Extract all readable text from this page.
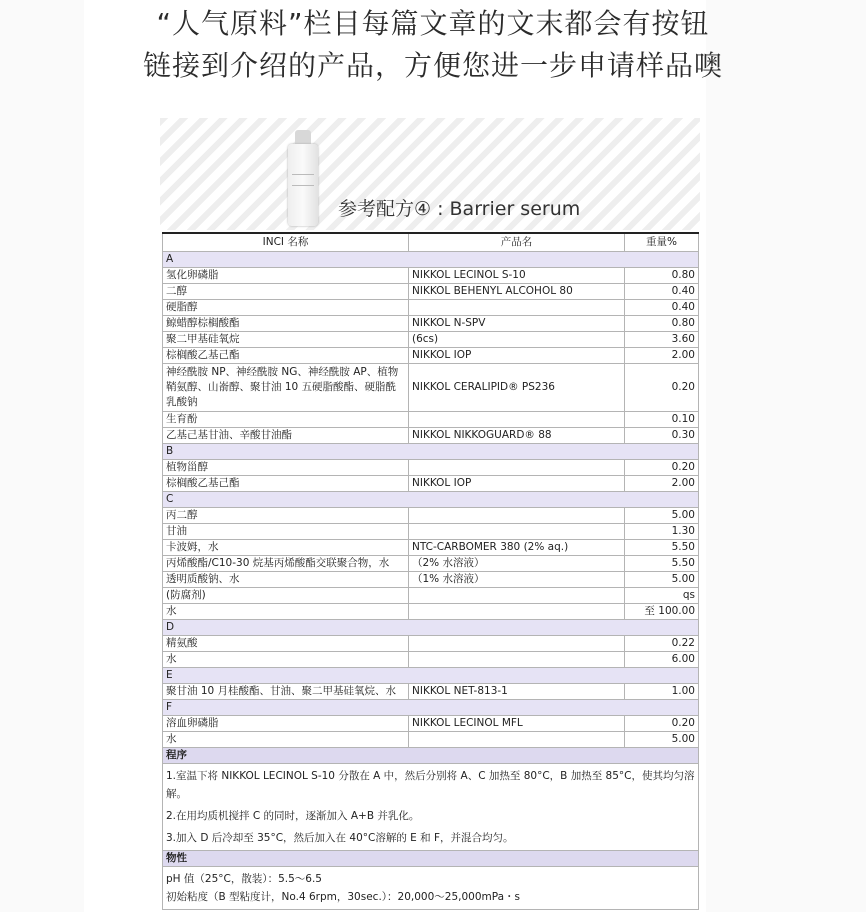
“人气原料”栏目每篇文章的文末都会有按钮
链接到介绍的产品，方便您进一步申请样品噢
参考配方④ : Barrier serum
INCI 名称	产品名	重量%
A		
氢化卵磷脂	NIKKOL LECINOL S-10	0.80
二醇	NIKKOL BEHENYL ALCOHOL 80	0.40
硬脂醇		0.40
鲸蜡醇棕榈酸酯	NIKKOL N-SPV	0.80
聚二甲基硅氧烷	(6cs)	3.60
棕榈酸乙基己酯	NIKKOL IOP	2.00
神经酰胺 NP、神经酰胺 NG、神经酰胺 AP、植物鞘氨醇、山嵛醇、聚甘油 10 五硬脂酸酯、硬脂酰乳酸钠	NIKKOL CERALIPID® PS236	0.20
生育酚		0.10
乙基己基甘油、辛酸甘油酯	NIKKOL NIKKOGUARD® 88	0.30
B		
植物甾醇		0.20
棕榈酸乙基己酯	NIKKOL IOP	2.00
C		
丙二醇		5.00
甘油		1.30
卡波姆，水	NTC-CARBOMER 380 (2% aq.)	5.50
丙烯酸酯/C10-30 烷基丙烯酸酯交联聚合物，水	（2% 水溶液）	5.50
透明质酸钠、水	（1% 水溶液）	5.00
(防腐剂)		qs
水		至 100.00
D		
精氨酸		0.22
水		6.00
E		
聚甘油 10 月桂酸酯、甘油、聚二甲基硅氧烷、水	NIKKOL NET-813-1	1.00
F		
溶血卵磷脂	NIKKOL LECINOL MFL	0.20
水		5.00
程序		

1.室温下将 NIKKOL LECINOL S-10 分散在 A 中，然后分别将 A、C 加热至 80°C，B 加热至 85°C，使其均匀溶解。
2.在用均质机搅拌 C 的同时，逐渐加入 A+B 并乳化。
3.加入 D 后冷却至 35°C，然后加入在 40°C溶解的 E 和 F，并混合均匀。		

物性		

pH 值（25°C，散装）：5.5～6.5
初始粘度（B 型粘度计，No.4 6rpm，30sec.）：20,000～25,000mPa・s		
